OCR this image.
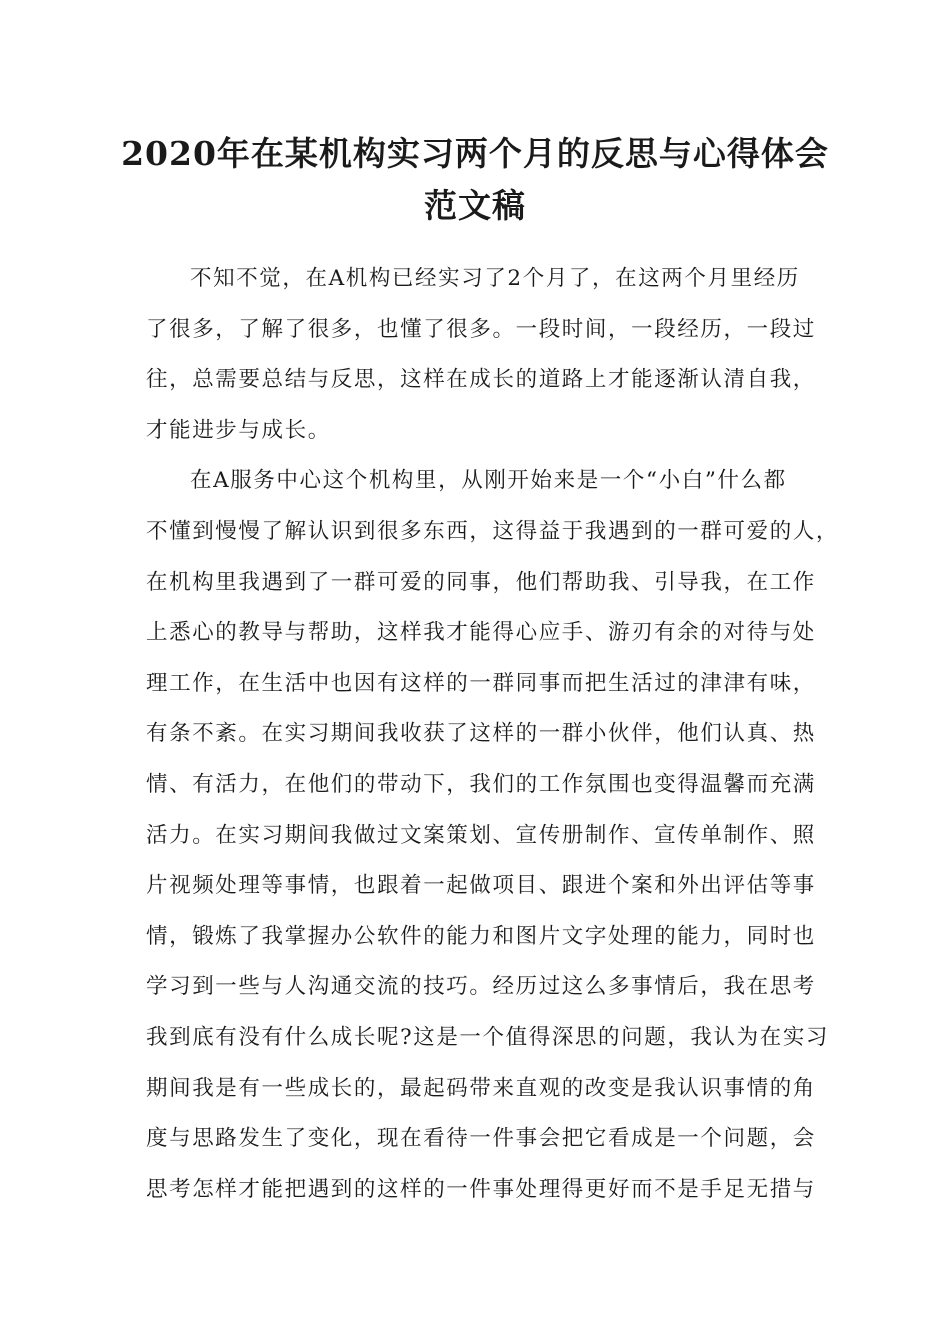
2020年在某机构实习两个月的反思与心得体会
范文稿
不知不觉，在A机构已经实习了2个月了，在这两个月里经历
了很多，了解了很多，也懂了很多。一段时间，一段经历，一段过
往，总需要总结与反思，这样在成长的道路上才能逐渐认清自我，
才能进步与成长。
在A服务中心这个机构里，从刚开始来是一个“小白”什么都
不懂到慢慢了解认识到很多东西，这得益于我遇到的一群可爱的人，
在机构里我遇到了一群可爱的同事，他们帮助我、引导我，在工作
上悉心的教导与帮助，这样我才能得心应手、游刃有余的对待与处
理工作，在生活中也因有这样的一群同事而把生活过的津津有味，
有条不紊。在实习期间我收获了这样的一群小伙伴，他们认真、热
情、有活力，在他们的带动下，我们的工作氛围也变得温馨而充满
活力。在实习期间我做过文案策划、宣传册制作、宣传单制作、照
片视频处理等事情，也跟着一起做项目、跟进个案和外出评估等事
情，锻炼了我掌握办公软件的能力和图片文字处理的能力，同时也
学习到一些与人沟通交流的技巧。经历过这么多事情后，我在思考
我到底有没有什么成长呢?这是一个值得深思的问题，我认为在实习
期间我是有一些成长的，最起码带来直观的改变是我认识事情的角
度与思路发生了变化，现在看待一件事会把它看成是一个问题，会
思考怎样才能把遇到的这样的一件事处理得更好而不是手足无措与
